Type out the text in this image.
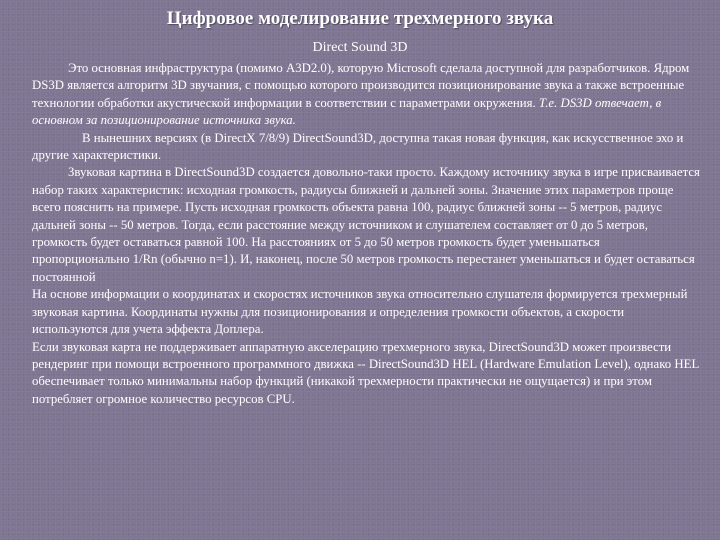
Цифровое моделирование трехмерного звука
Direct Sound 3D

Это основная инфраструктура (помимо A3D2.0), которую Microsoft сделала доступной для разработчиков. Ядром DS3D является алгоритм 3D звучания, с помощью которого производится позиционирование звука а также встроенные технологии обработки акустической информации в соответствии с параметрами окружения. Т.е. DS3D отвечает, в основном за позиционирование источника звука.

В нынешних версиях (в DirectX 7/8/9) DirectSound3D, доступна такая новая функция, как искусственное эхо и другие характеристики.

Звуковая картина в DirectSound3D создается довольно-таки просто. Каждому источнику звука в игре присваивается набор таких характеристик: исходная громкость, радиусы ближней и дальней зоны. Значение этих параметров проще всего пояснить на примере. Пусть исходная громкость объекта равна 100, радиус ближней зоны -- 5 метров, радиус дальней зоны -- 50 метров. Тогда, если расстояние между источником и слушателем составляет от 0 до 5 метров, громкость будет оставаться равной 100. На расстояниях от 5 до 50 метров громкость будет уменьшаться пропорционально 1/Rn (обычно n=1). И, наконец, после 50 метров громкость перестанет уменьшаться и будет оставаться постоянной

На основе информации о координатах и скоростях источников звука относительно слушателя формируется трехмерный звуковая картина. Координаты нужны для позиционирования и определения громкости объектов, а скорости используются для учета эффекта Доплера.

Если звуковая карта не поддерживает аппаратную акселерацию трехмерного звука, DirectSound3D может произвести рендеринг при помощи встроенного программного движка -- DirectSound3D HEL (Hardware Emulation Level), однако HEL обеспечивает только минимальны набор функций (никакой трехмерности практически не ощущается) и при этом потребляет огромное количество ресурсов CPU.
